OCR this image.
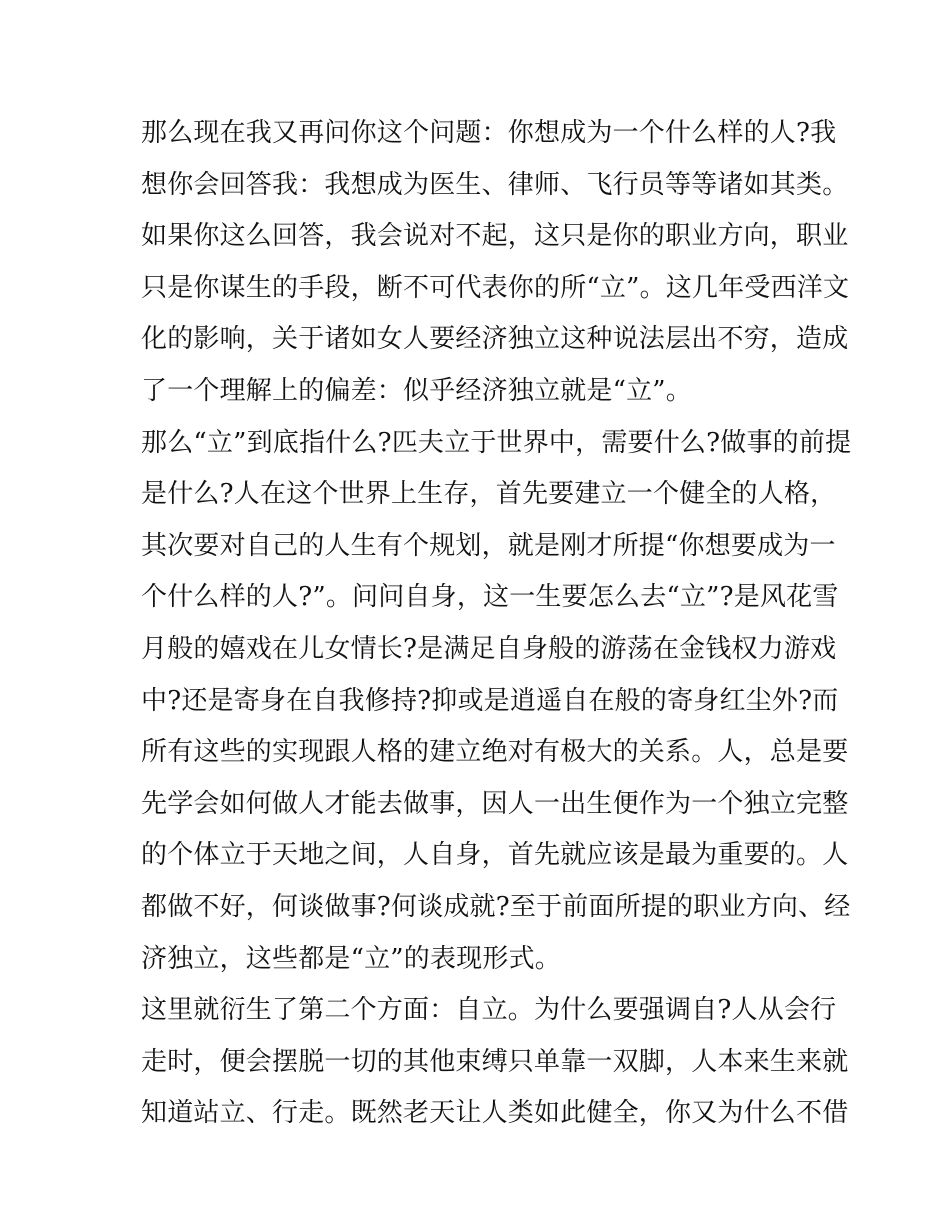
那么现在我又再问你这个问题：你想成为一个什么样的人?我
想你会回答我：我想成为医生、律师、飞行员等等诸如其类。
如果你这么回答，我会说对不起，这只是你的职业方向，职业
只是你谋生的手段，断不可代表你的所“立”。这几年受西洋文
化的影响，关于诸如女人要经济独立这种说法层出不穷，造成
了一个理解上的偏差：似乎经济独立就是“立”。
那么“立”到底指什么?匹夫立于世界中，需要什么?做事的前提
是什么?人在这个世界上生存，首先要建立一个健全的人格，
其次要对自己的人生有个规划，就是刚才所提“你想要成为一
个什么样的人?”。问问自身，这一生要怎么去“立”?是风花雪
月般的嬉戏在儿女情长?是满足自身般的游荡在金钱权力游戏
中?还是寄身在自我修持?抑或是逍遥自在般的寄身红尘外?而
所有这些的实现跟人格的建立绝对有极大的关系。人，总是要
先学会如何做人才能去做事，因人一出生便作为一个独立完整
的个体立于天地之间，人自身，首先就应该是最为重要的。人
都做不好，何谈做事?何谈成就?至于前面所提的职业方向、经
济独立，这些都是“立”的表现形式。
这里就衍生了第二个方面：自立。为什么要强调自?人从会行
走时，便会摆脱一切的其他束缚只单靠一双脚，人本来生来就
知道站立、行走。既然老天让人类如此健全，你又为什么不借
